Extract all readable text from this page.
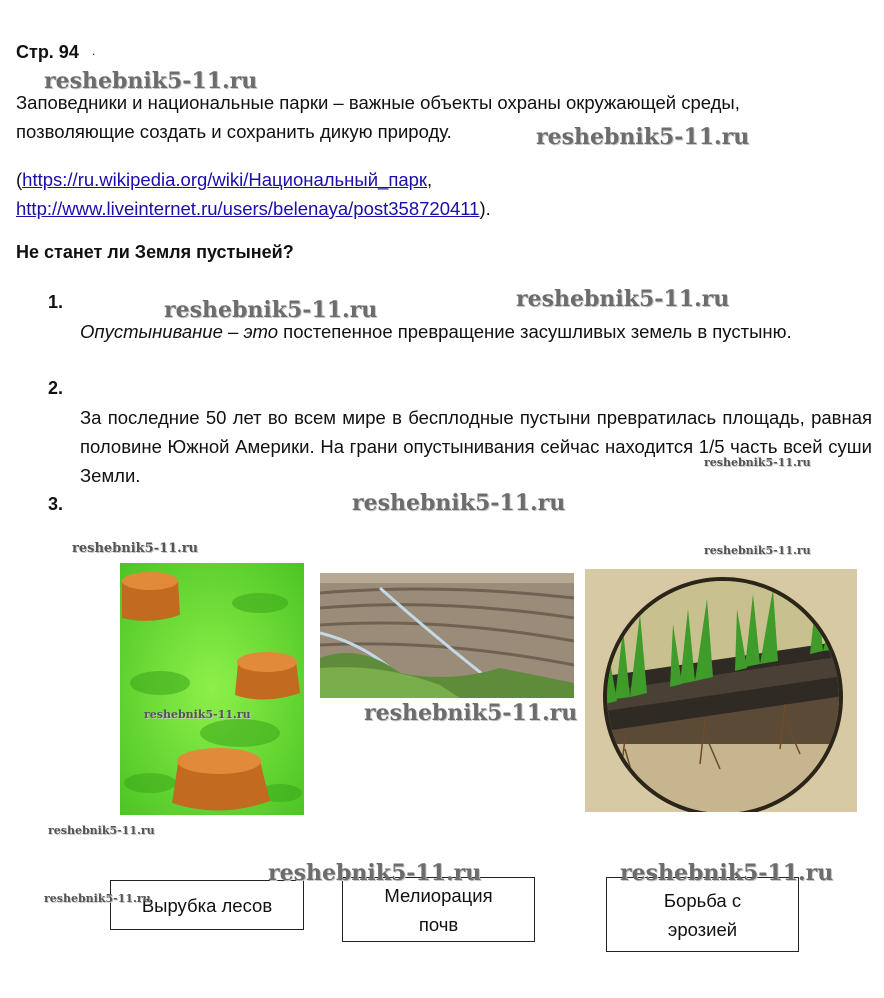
Стр. 94 .
Заповедники и национальные парки – важные объекты охраны окружающей среды,
позволяющие создать и сохранить дикую природу.
(https://ru.wikipedia.org/wiki/Национальный_парк,
http://www.liveinternet.ru/users/belenaya/post358720411).
Не станет ли Земля пустыней?
1.
Опустынивание – это постепенное превращение засушливых земель в пустыню.
2.
За последние 50 лет во всем мире в бесплодные пустыни превратилась площадь, равная половине Южной Америки. На грани опустынивания сейчас находится 1/5 часть всей суши Земли.
3.
Вырубка лесов	Мелиорация
почв
Борьба с
эрозией
reshebnik5-11.ru
reshebnik5-11.ru
reshebnik5-11.ru	reshebnik5-11.ru
reshebnik5-11.ru
reshebnik5-11.ru
reshebnik5-11.ru	reshebnik5-11.ru
reshebnik5-11.ru	reshebnik5-11.ru
reshebnik5-11.ru
reshebnik5-11.ru	reshebnik5-11.ru
reshebnik5-11.ru
